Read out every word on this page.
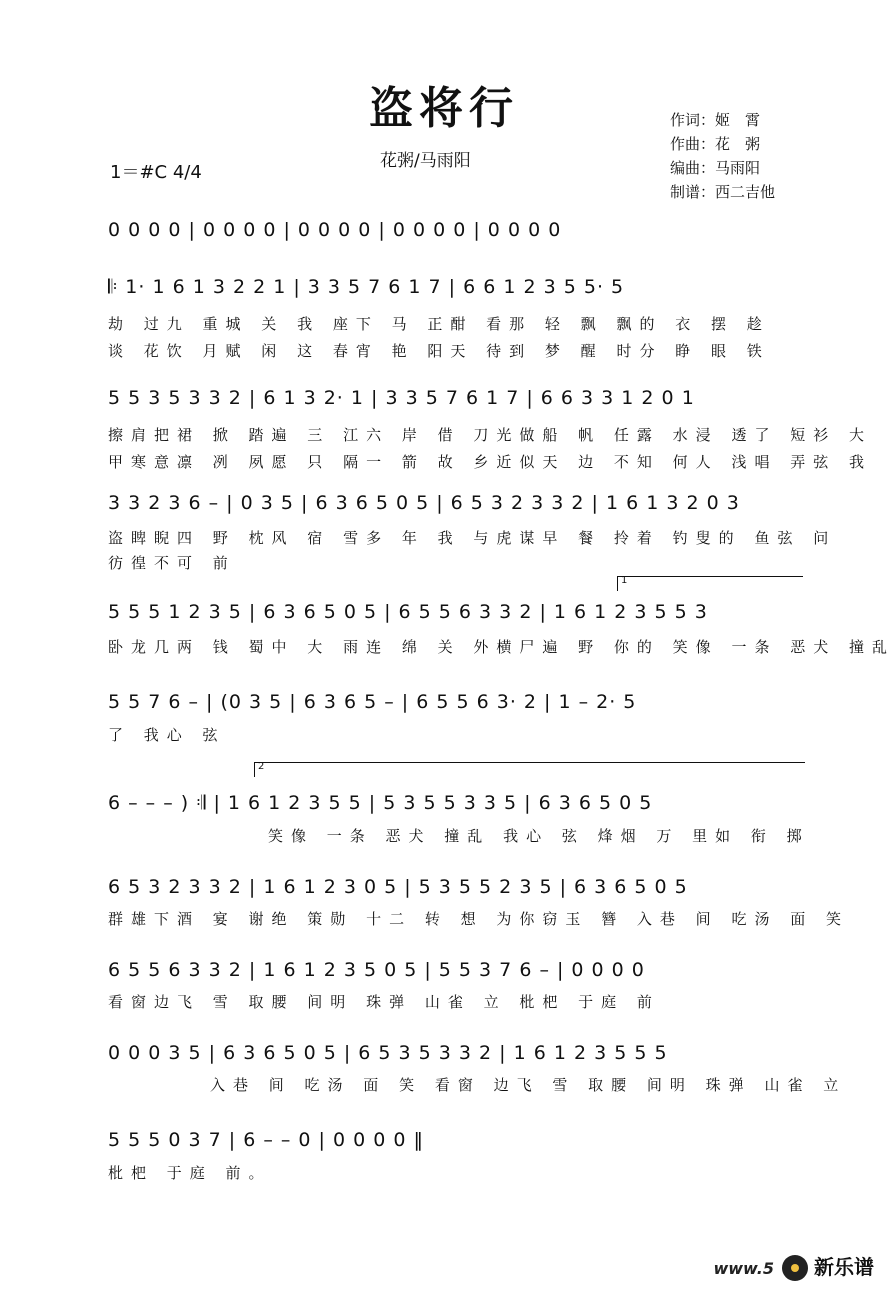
盗将行
花粥/马雨阳
1＝#C 4/4
作词：姬　霄
作曲：花　粥
编曲：马雨阳
制谱：西二吉他
0 0 0 0 | 0 0 0 0 | 0 0 0 0 | 0 0 0 0 | 0 0 0 0
𝄆 1· 1 6 1 3 2 2 1 | 3 3 5 7 6 1 7 | 6 6 1 2 3 5 5· 5
劫 过九 重城 关 我 座下 马 正酣 看那 轻 飘 飘的 衣 摆 趁
谈 花饮 月赋 闲 这 春宵 艳 阳天 待到 梦 醒 时分 睁 眼 铁
5 5 3 5 3 3 2 | 6 1 3 2· 1 | 3 3 5 7 6 1 7 | 6 6 3 3 1 2 0 1
擦肩把裙 掀 踏遍 三 江六 岸 借 刀光做船 帆 任露 水浸 透了 短衫 大
甲寒意凛 冽 夙愿 只 隔一 箭 故 乡近似天 边 不知 何人 浅唱 弄弦 我
3 3 2 3 6 – | 0 3 5 | 6 3 6 5 0 5 | 6 5 3 2 3 3 2 | 1 6 1 3 2 0 3
盗睥睨四 野 枕风 宿 雪多 年 我 与虎谋早 餐 拎着 钓叟的 鱼弦 问
彷徨不可 前
1
5 5 5 1 2 3 5 | 6 3 6 5 0 5 | 6 5 5 6 3 3 2 | 1 6 1 2 3 5 5 3
卧龙几两 钱 蜀中 大 雨连 绵 关 外横尸遍 野 你的 笑像 一条 恶犬 撞乱
5 5 7 6 – | (0 3 5 | 6 3 6 5 – | 6 5 5 6 3· 2 | 1 – 2· 5
了 我心 弦
2
6 – – – ) 𝄇 | 1 6 1 2 3 5 5 | 5 3 5 5 3 3 5 | 6 3 6 5 0 5
笑像 一条 恶犬 撞乱 我心 弦 烽烟 万 里如 衔 掷
6 5 3 2 3 3 2 | 1 6 1 2 3 0 5 | 5 3 5 5 2 3 5 | 6 3 6 5 0 5
群雄下酒 宴 谢绝 策勋 十二 转 想 为你窃玉 簪 入巷 间 吃汤 面 笑
6 5 5 6 3 3 2 | 1 6 1 2 3 5 0 5 | 5 5 3 7 6 – | 0 0 0 0
看窗边飞 雪 取腰 间明 珠弹 山雀 立 枇杷 于庭 前
0 0 0 3 5 | 6 3 6 5 0 5 | 6 5 3 5 3 3 2 | 1 6 1 2 3 5 5 5
入巷 间 吃汤 面 笑 看窗 边飞 雪 取腰 间明 珠弹 山雀 立
5 5 5 0 3 7 | 6 – – 0 | 0 0 0 0 ‖
枇杷 于庭 前。
www.5 新乐谱
